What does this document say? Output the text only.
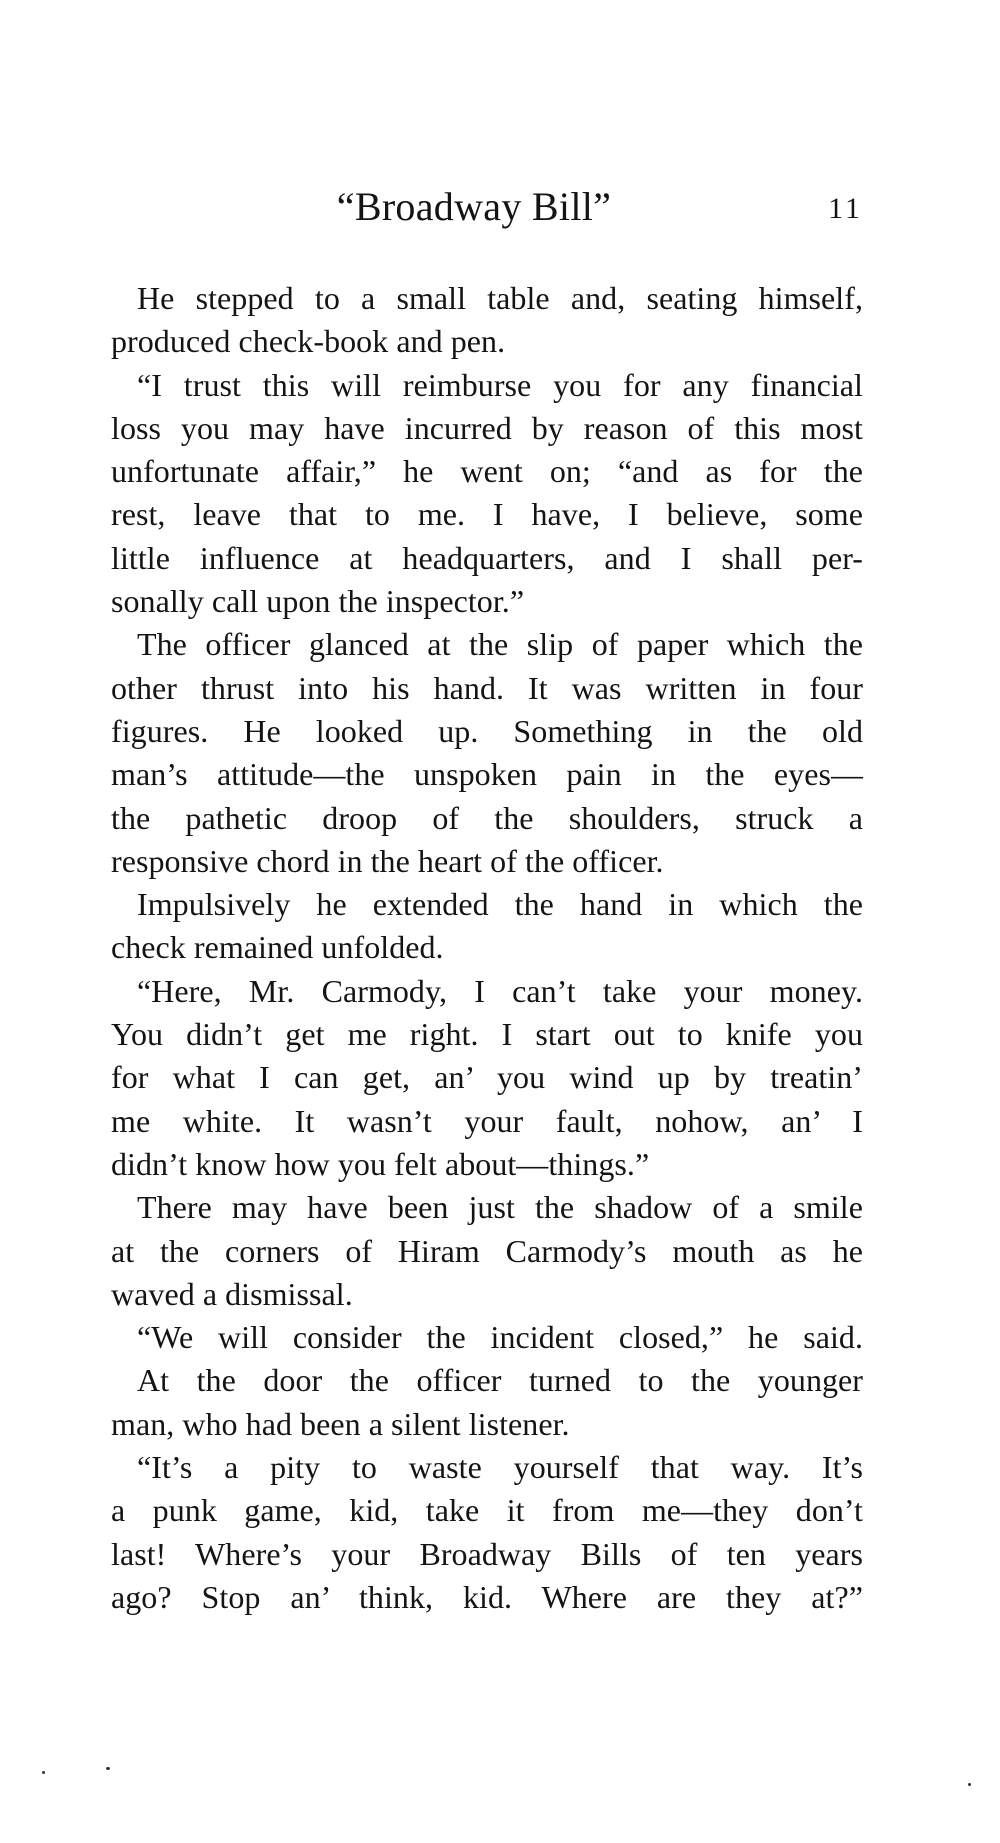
“Broadway Bill”	11

He stepped to a small table and, seating himself,
produced check-book and pen.

“I trust this will reimburse you for any financial
loss you may have incurred by reason of this most
unfortunate affair,” he went on; “and as for the
rest, leave that to me. I have, I believe, some
little influence at headquarters, and I shall per-
sonally call upon the inspector.”

The officer glanced at the slip of paper which the
other thrust into his hand. It was written in four
figures. He looked up. Something in the old
man’s attitude—the unspoken pain in the eyes—
the pathetic droop of the shoulders, struck a
responsive chord in the heart of the officer.

Impulsively he extended the hand in which the
check remained unfolded.

“Here, Mr. Carmody, I can’t take your money.
You didn’t get me right. I start out to knife you
for what I can get, an’ you wind up by treatin’
me white. It wasn’t your fault, nohow, an’ I
didn’t know how you felt about—things.”

There may have been just the shadow of a smile
at the corners of Hiram Carmody’s mouth as he
waved a dismissal.

“We will consider the incident closed,” he said.

At the door the officer turned to the younger
man, who had been a silent listener.

“It’s a pity to waste yourself that way. It’s
a punk game, kid, take it from me—they don’t
last! Where’s your Broadway Bills of ten years
ago? Stop an’ think, kid. Where are they at?”
